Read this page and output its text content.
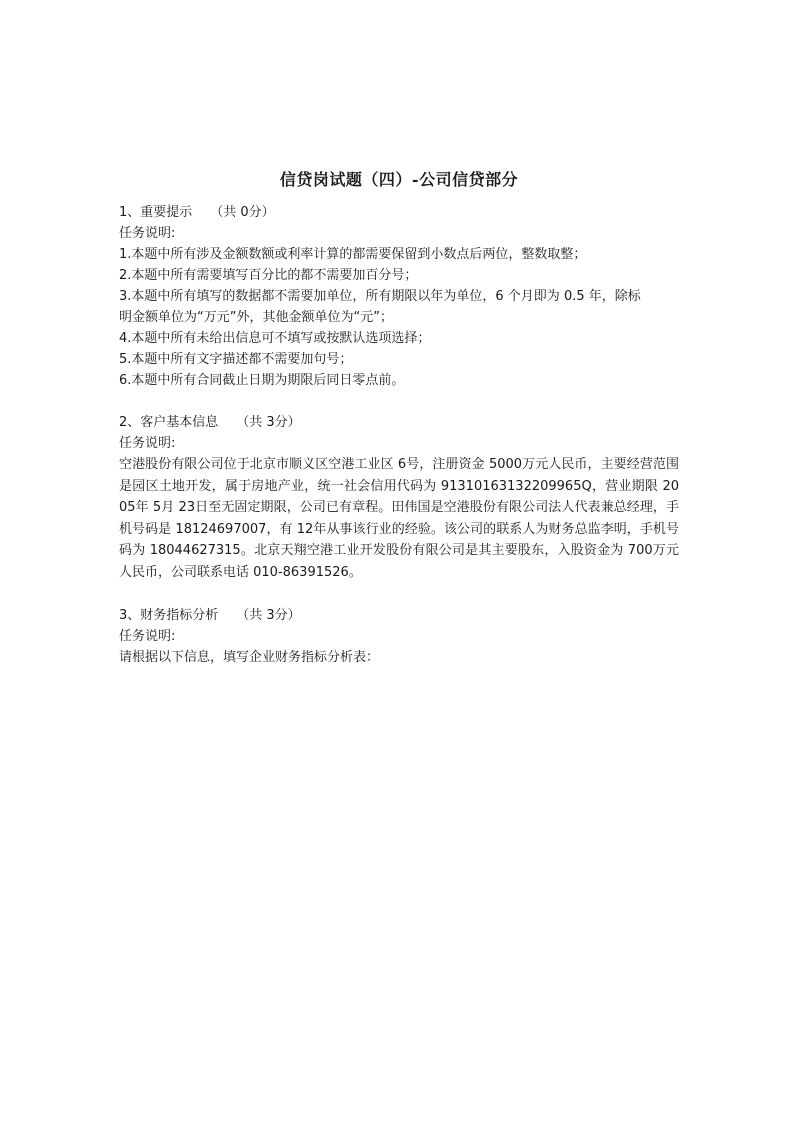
信贷岗试题（四）-公司信贷部分
1、重要提示 （共 0分）
任务说明:
1.本题中所有涉及金额数额或利率计算的都需要保留到小数点后两位，整数取整；
2.本题中所有需要填写百分比的都不需要加百分号；
3.本题中所有填写的数据都不需要加单位，所有期限以年为单位，6 个月即为 0.5 年，除标
明金额单位为“万元”外，其他金额单位为“元”；
4.本题中所有未给出信息可不填写或按默认选项选择；
5.本题中所有文字描述都不需要加句号；
6.本题中所有合同截止日期为期限后同日零点前。
2、客户基本信息 （共 3分）
任务说明:
空港股份有限公司位于北京市顺义区空港工业区 6号，注册资金 5000万元人民币，主要经营范围是园区土地开发，属于房地产业，统一社会信用代码为 91310163132209965Q，营业期限 2005年 5月 23日至无固定期限，公司已有章程。田伟国是空港股份有限公司法人代表兼总经理，手机号码是 18124697007，有 12年从事该行业的经验。该公司的联系人为财务总监李明，手机号码为 18044627315。北京天翔空港工业开发股份有限公司是其主要股东，入股资金为 700万元人民币，公司联系电话 010-86391526。
3、财务指标分析 （共 3分）
任务说明:
请根据以下信息，填写企业财务指标分析表：
